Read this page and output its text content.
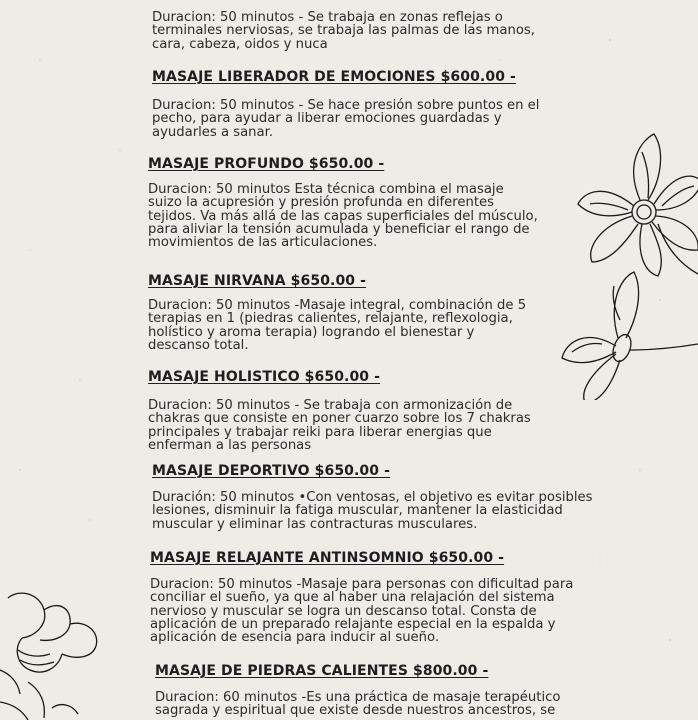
Duracion: 50 minutos - Se trabaja en zonas reflejas o
terminales nerviosas, se trabaja las palmas de las manos,
cara, cabeza, oidos y nuca

MASAJE LIBERADOR DE EMOCIONES $600.00 -

Duracion: 50 minutos - Se hace presión sobre puntos en el
pecho, para ayudar a liberar emociones guardadas y
ayudarles a sanar.

MASAJE PROFUNDO $650.00 -

Duracion: 50 minutos Esta técnica combina el masaje
suizo la acupresión y presión profunda en diferentes
tejidos. Va más allá de las capas superficiales del músculo,
para aliviar la tensión acumulada y beneficiar el rango de
movimientos de las articulaciones.

MASAJE NIRVANA $650.00 -

Duracion: 50 minutos -Masaje integral, combinación de 5
terapias en 1 (piedras calientes, relajante, reflexologia,
holístico y aroma terapia) logrando el bienestar y
descanso total.

MASAJE HOLISTICO $650.00 -

Duracion: 50 minutos - Se trabaja con armonización de
chakras que consiste en poner cuarzo sobre los 7 chakras
principales y trabajar reiki para liberar energias que
enferman a las personas

MASAJE DEPORTIVO $650.00 -

Duración: 50 minutos •Con ventosas, el objetivo es evitar posibles
lesiones, disminuir la fatiga muscular, mantener la elasticidad
muscular y eliminar las contracturas musculares.

MASAJE RELAJANTE ANTINSOMNIO $650.00 -

Duracion: 50 minutos -Masaje para personas con dificultad para
conciliar el sueño, ya que al haber una relajación del sistema
nervioso y muscular se logra un descanso total. Consta de
aplicación de un preparado relajante especial en la espalda y
aplicación de esencia para inducir al sueño.

MASAJE DE PIEDRAS CALIENTES $800.00 -

Duracion: 60 minutos -Es una práctica de masaje terapéutico
sagrada y espiritual que existe desde nuestros ancestros, se
